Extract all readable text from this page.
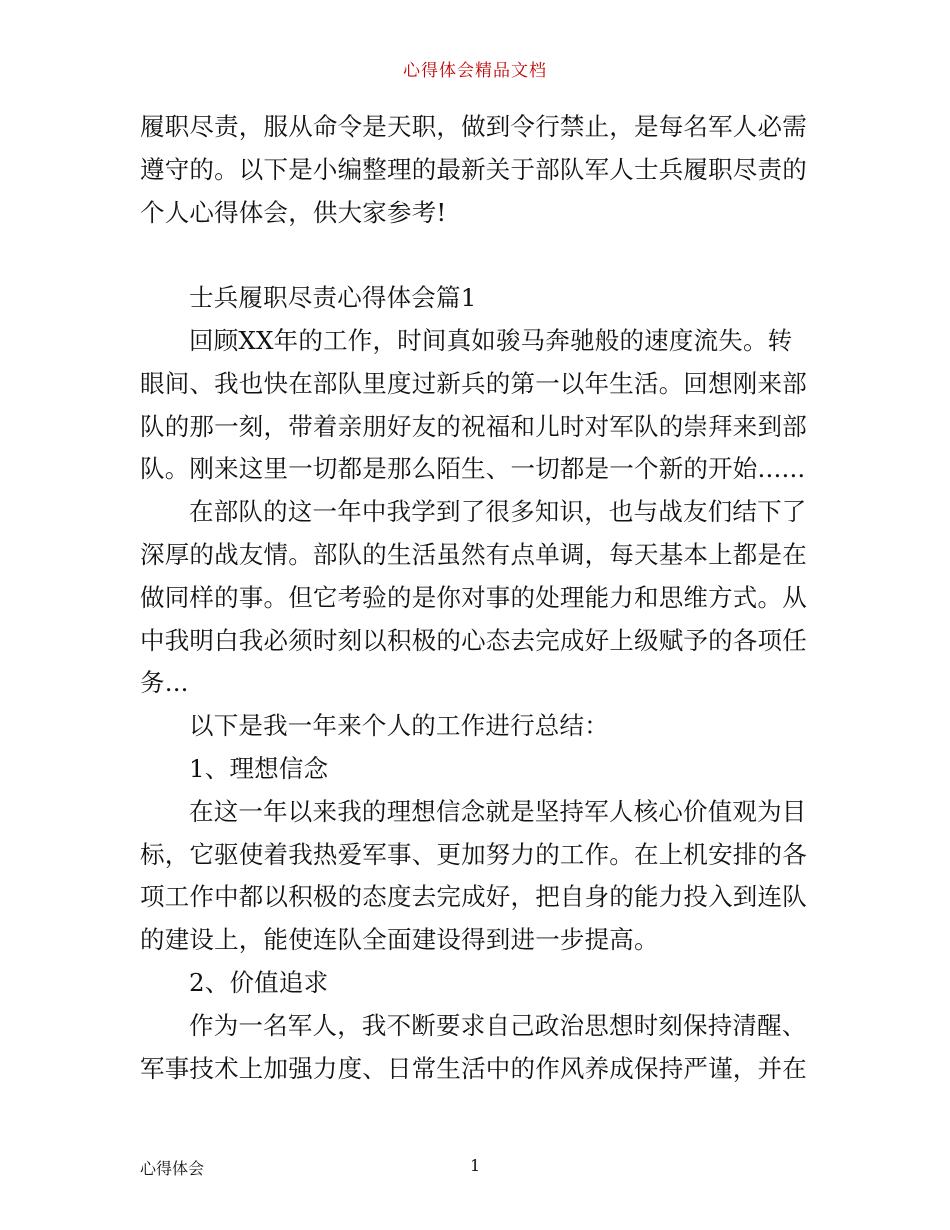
心得体会精品文档

履职尽责，服从命令是天职，做到令行禁止，是每名军人必需遵守的。以下是小编整理的最新关于部队军人士兵履职尽责的个人心得体会，供大家参考!

士兵履职尽责心得体会篇1

回顾XX年的工作，时间真如骏马奔驰般的速度流失。转眼间、我也快在部队里度过新兵的第一以年生活。回想刚来部队的那一刻，带着亲朋好友的祝福和儿时对军队的崇拜来到部队。刚来这里一切都是那么陌生、一切都是一个新的开始......

在部队的这一年中我学到了很多知识，也与战友们结下了深厚的战友情。部队的生活虽然有点单调，每天基本上都是在做同样的事。但它考验的是你对事的处理能力和思维方式。从中我明白我必须时刻以积极的心态去完成好上级赋予的各项任务...

以下是我一年来个人的工作进行总结：

1、理想信念

在这一年以来我的理想信念就是坚持军人核心价值观为目标，它驱使着我热爱军事、更加努力的工作。在上机安排的各项工作中都以积极的态度去完成好，把自身的能力投入到连队的建设上，能使连队全面建设得到进一步提高。

2、价值追求

作为一名军人，我不断要求自己政治思想时刻保持清醒、军事技术上加强力度、日常生活中的作风养成保持严谨，并在

心得体会	1
